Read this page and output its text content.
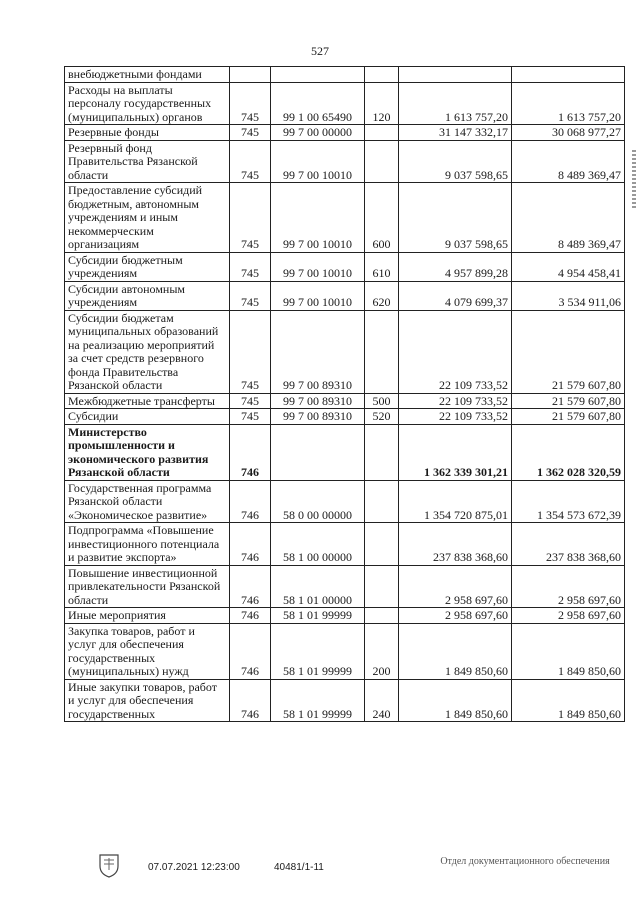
527
внебюджетными фондами					
Расходы на выплаты персоналу государственных (муниципальных) органов	745	99 1 00 65490	120	1 613 757,20	1 613 757,20
Резервные фонды	745	99 7 00 00000		31 147 332,17	30 068 977,27
Резервный фонд Правительства Рязанской области	745	99 7 00 10010		9 037 598,65	8 489 369,47
Предоставление субсидий бюджетным, автономным учреждениям и иным некоммерческим организациям	745	99 7 00 10010	600	9 037 598,65	8 489 369,47
Субсидии бюджетным учреждениям	745	99 7 00 10010	610	4 957 899,28	4 954 458,41
Субсидии автономным учреждениям	745	99 7 00 10010	620	4 079 699,37	3 534 911,06
Субсидии бюджетам муниципальных образований на реализацию мероприятий за счет средств резервного фонда Правительства Рязанской области	745	99 7 00 89310		22 109 733,52	21 579 607,80
Межбюджетные трансферты	745	99 7 00 89310	500	22 109 733,52	21 579 607,80
Субсидии	745	99 7 00 89310	520	22 109 733,52	21 579 607,80
Министерство промышленности и экономического развития Рязанской области	746			1 362 339 301,21	1 362 028 320,59
Государственная программа Рязанской области «Экономическое развитие»	746	58 0 00 00000		1 354 720 875,01	1 354 573 672,39
Подпрограмма «Повышение инвестиционного потенциала и развитие экспорта»	746	58 1 00 00000		237 838 368,60	237 838 368,60
Повышение инвестиционной привлекательности Рязанской области	746	58 1 01 00000		2 958 697,60	2 958 697,60
Иные мероприятия	746	58 1 01 99999		2 958 697,60	2 958 697,60
Закупка товаров, работ и услуг для обеспечения государственных (муниципальных) нужд	746	58 1 01 99999	200	1 849 850,60	1 849 850,60
Иные закупки товаров, работ и услуг для обеспечения государственных	746	58 1 01 99999	240	1 849 850,60	1 849 850,60
07.07.2021 12:23:00	40481/1-11
Отдел документационного обеспечения
